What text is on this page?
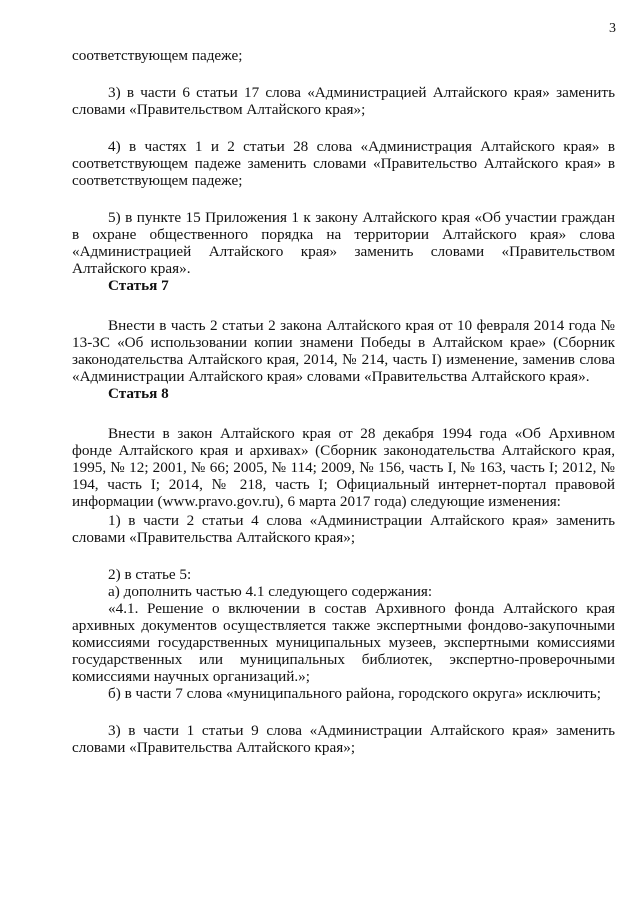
3

соответствующем падеже;

3) в части 6 статьи 17 слова «Администрацией Алтайского края» заменить словами «Правительством Алтайского края»;

4) в частях 1 и 2 статьи 28 слова «Администрация Алтайского края» в соответствующем падеже заменить словами «Правительство Алтайского края» в соответствующем падеже;

5) в пункте 15 Приложения 1 к закону Алтайского края «Об участии граждан в охране общественного порядка на территории Алтайского края» слова «Администрацией Алтайского края» заменить словами «Правительством Алтайского края».

Статья 7

Внести в часть 2 статьи 2 закона Алтайского края от 10 февраля 2014 года № 13-ЗС «Об использовании копии знамени Победы в Алтайском крае» (Сборник законодательства Алтайского края, 2014, № 214, часть I) изменение, заменив слова «Администрации Алтайского края» словами «Правительства Алтайского края».

Статья 8

Внести в закон Алтайского края от 28 декабря 1994 года «Об Архивном фонде Алтайского края и архивах» (Сборник законодательства Алтайского края, 1995, № 12; 2001, № 66; 2005, № 114; 2009, № 156, часть I, № 163, часть I; 2012, № 194, часть I; 2014, № 218, часть I; Официальный интернет-портал правовой информации (www.pravo.gov.ru), 6 марта 2017 года) следующие изменения:

1) в части 2 статьи 4 слова «Администрации Алтайского края» заменить словами «Правительства Алтайского края»;

2) в статье 5:

а) дополнить частью 4.1 следующего содержания:

«4.1. Решение о включении в состав Архивного фонда Алтайского края архивных документов осуществляется также экспертными фондово-закупочными комиссиями государственных муниципальных музеев, экспертными комиссиями государственных или муниципальных библиотек, экспертно-проверочными комиссиями научных организаций.»;

б) в части 7 слова «муниципального района, городского округа» исключить;

3) в части 1 статьи 9 слова «Администрации Алтайского края» заменить словами «Правительства Алтайского края»;
